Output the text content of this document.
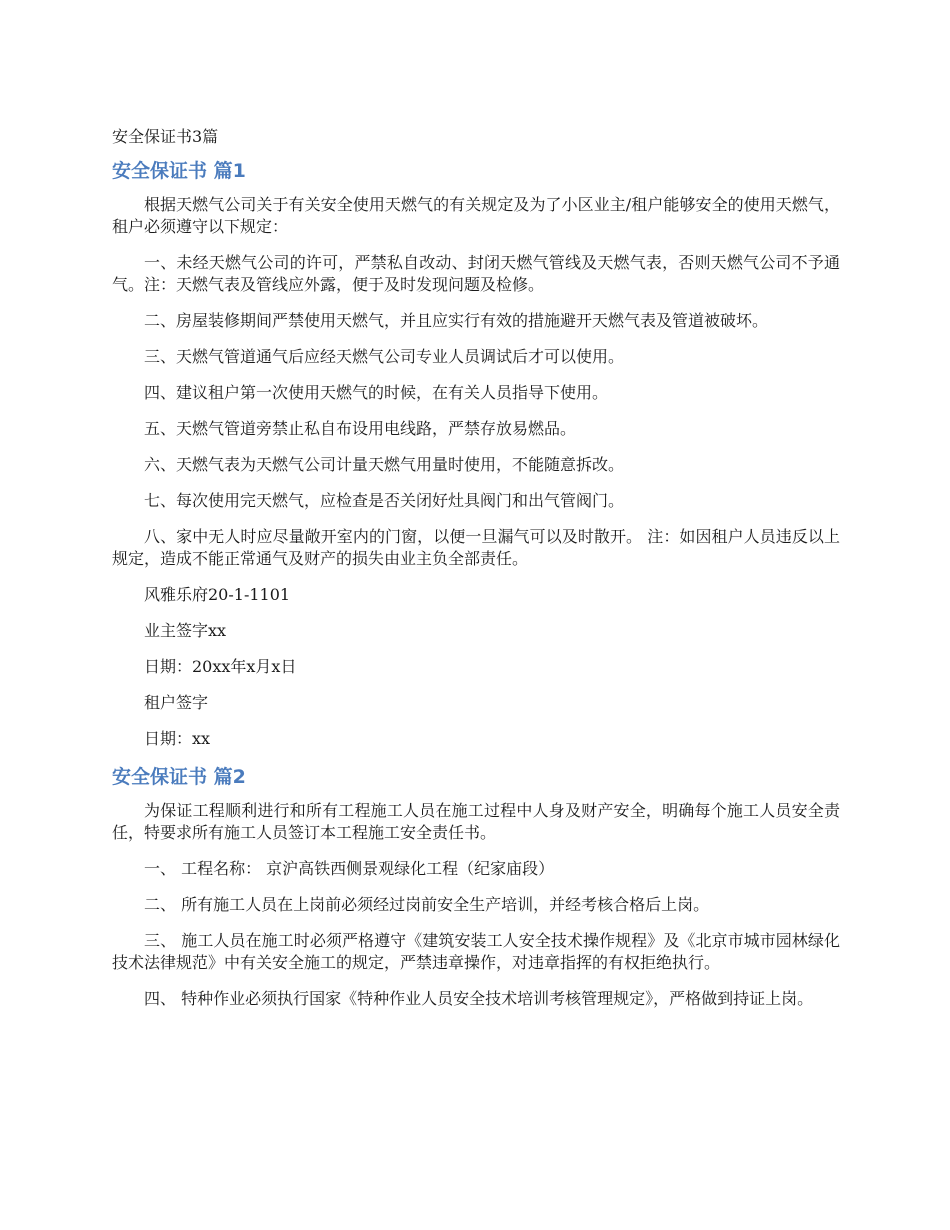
安全保证书3篇
安全保证书 篇1

根据天燃气公司关于有关安全使用天燃气的有关规定及为了小区业主/租户能够安全的使用天燃气，租户必须遵守以下规定：

一、未经天燃气公司的许可，严禁私自改动、封闭天燃气管线及天燃气表，否则天燃气公司不予通气。注：天燃气表及管线应外露，便于及时发现问题及检修。

二、房屋装修期间严禁使用天燃气，并且应实行有效的措施避开天燃气表及管道被破坏。

三、天燃气管道通气后应经天燃气公司专业人员调试后才可以使用。

四、建议租户第一次使用天燃气的时候，在有关人员指导下使用。

五、天燃气管道旁禁止私自布设用电线路，严禁存放易燃品。

六、天燃气表为天燃气公司计量天燃气用量时使用，不能随意拆改。

七、每次使用完天燃气，应检查是否关闭好灶具阀门和出气管阀门。

八、家中无人时应尽量敞开室内的门窗，以便一旦漏气可以及时散开。 注：如因租户人员违反以上规定，造成不能正常通气及财产的损失由业主负全部责任。

风雅乐府20-1-1101

业主签字xx

日期：20xx年x月x日

租户签字

日期：xx

安全保证书 篇2

为保证工程顺利进行和所有工程施工人员在施工过程中人身及财产安全，明确每个施工人员安全责任，特要求所有施工人员签订本工程施工安全责任书。

一、 工程名称： 京沪高铁西侧景观绿化工程（纪家庙段）

二、 所有施工人员在上岗前必须经过岗前安全生产培训，并经考核合格后上岗。

三、 施工人员在施工时必须严格遵守《建筑安装工人安全技术操作规程》及《北京市城市园林绿化技术法律规范》中有关安全施工的规定，严禁违章操作，对违章指挥的有权拒绝执行。

四、 特种作业必须执行国家《特种作业人员安全技术培训考核管理规定》，严格做到持证上岗。
